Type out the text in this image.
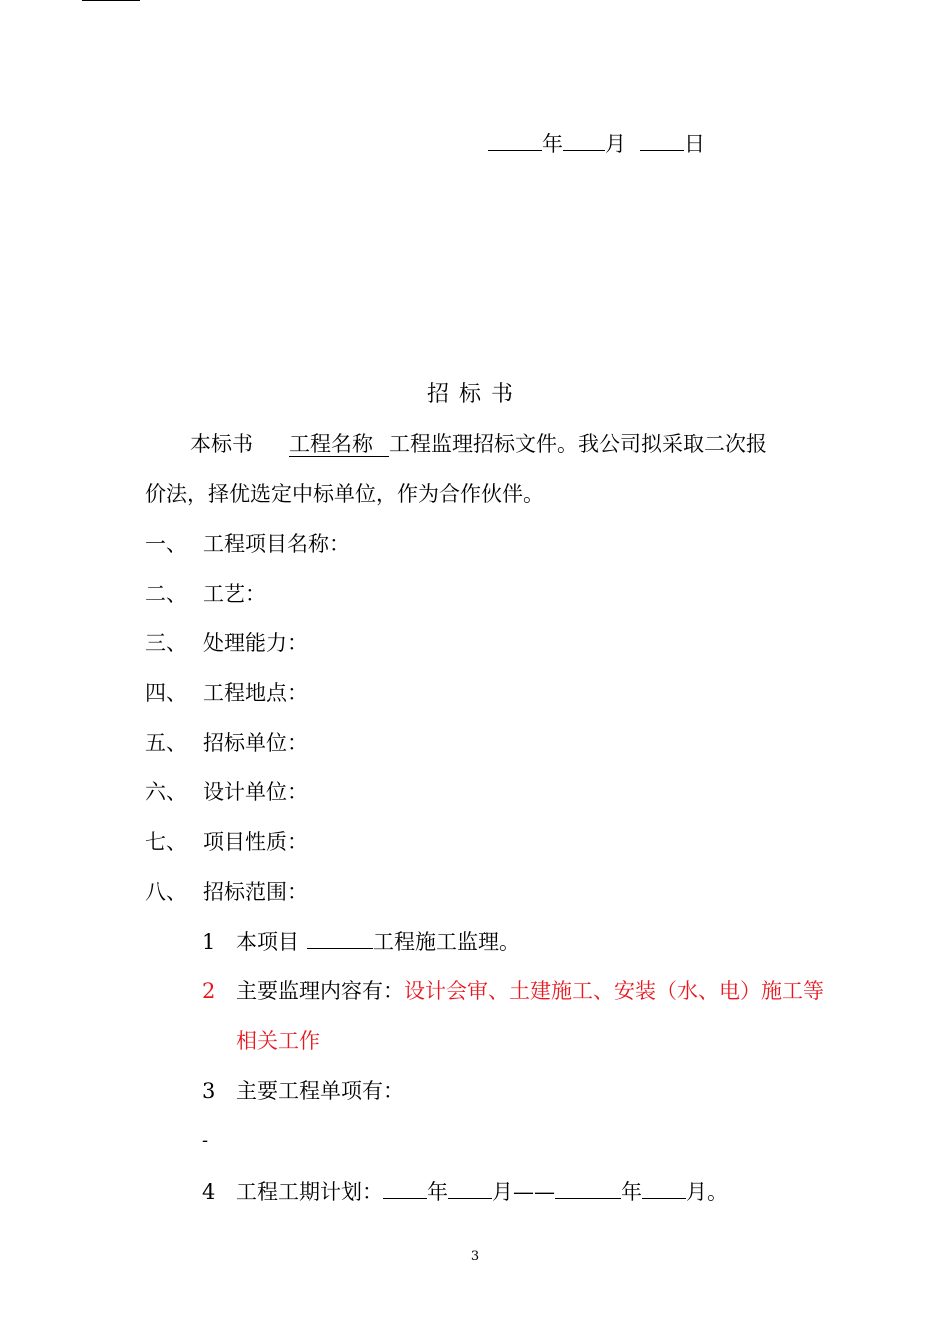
年 月	日
招标书
本标书 工程名称 工程监理招标文件。我公司拟采取二次报
价法，择优选定中标单位，作为合作伙伴。
一、 工程项目名称：
二、 工艺：
三、 处理能力：
四、 工程地点：
五、 招标单位：
六、 设计单位：
七、 项目性质：
八、 招标范围：
1 本项目	工程施工监理。
2 主要监理内容有：设计会审、土建施工、安装（水、电）施工等
相关工作
3 主要工程单项有：
-
4 工程工期计划： 年 月——	年 月。
3
